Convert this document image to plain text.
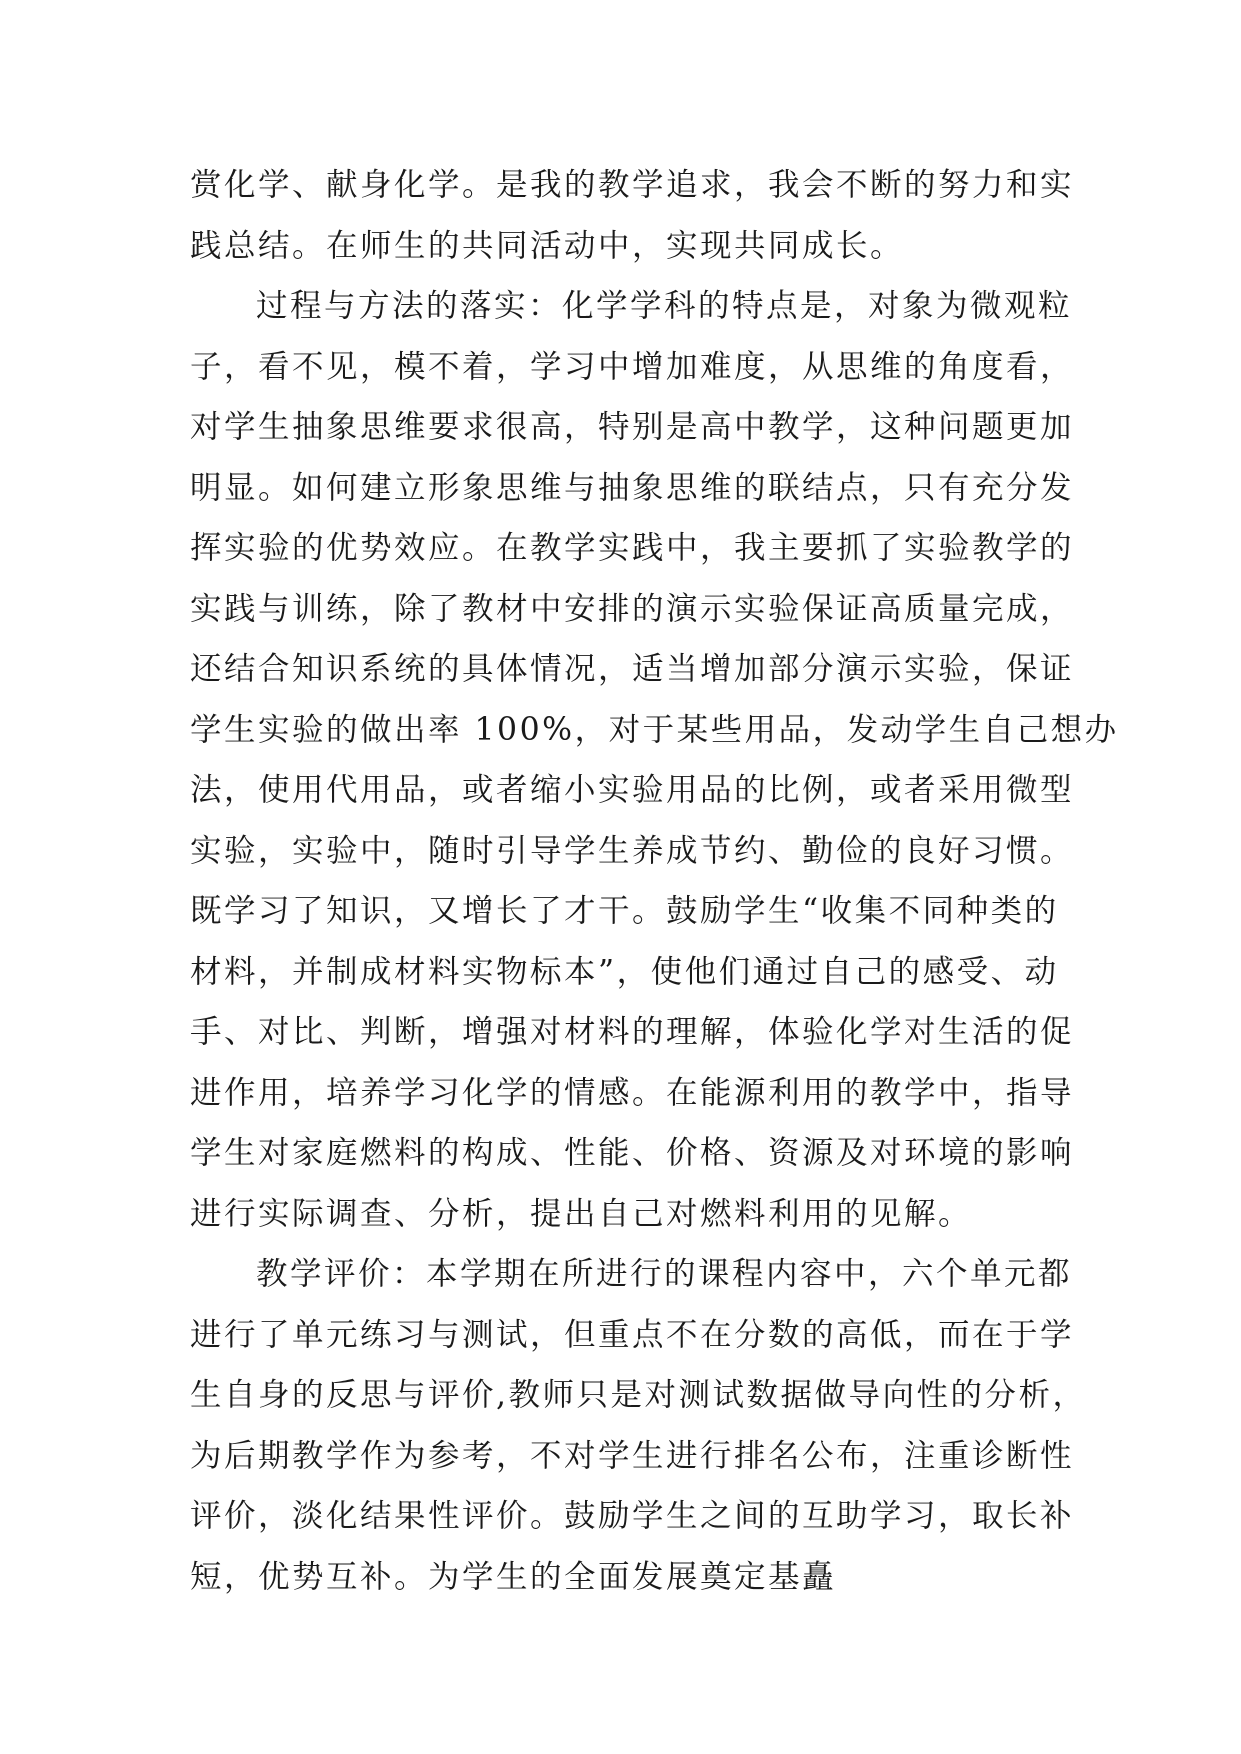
赏化学、献身化学。是我的教学追求，我会不断的努力和实
践总结。在师生的共同活动中，实现共同成长。
过程与方法的落实：化学学科的特点是，对象为微观粒
子，看不见，模不着，学习中增加难度，从思维的角度看，
对学生抽象思维要求很高，特别是高中教学，这种问题更加
明显。如何建立形象思维与抽象思维的联结点，只有充分发
挥实验的优势效应。在教学实践中，我主要抓了实验教学的
实践与训练，除了教材中安排的演示实验保证高质量完成，
还结合知识系统的具体情况，适当增加部分演示实验，保证
学生实验的做出率 100%，对于某些用品，发动学生自己想办
法，使用代用品，或者缩小实验用品的比例，或者采用微型
实验，实验中，随时引导学生养成节约、勤俭的良好习惯。
既学习了知识，又增长了才干。鼓励学生“收集不同种类的
材料，并制成材料实物标本”，使他们通过自己的感受、动
手、对比、判断，增强对材料的理解，体验化学对生活的促
进作用，培养学习化学的情感。在能源利用的教学中，指导
学生对家庭燃料的构成、性能、价格、资源及对环境的影响
进行实际调查、分析，提出自己对燃料利用的见解。
教学评价：本学期在所进行的课程内容中，六个单元都
进行了单元练习与测试，但重点不在分数的高低，而在于学
生自身的反思与评价,教师只是对测试数据做导向性的分析，
为后期教学作为参考，不对学生进行排名公布，注重诊断性
评价，淡化结果性评价。鼓励学生之间的互助学习，取长补
短，优势互补。为学生的全面发展奠定基矗
